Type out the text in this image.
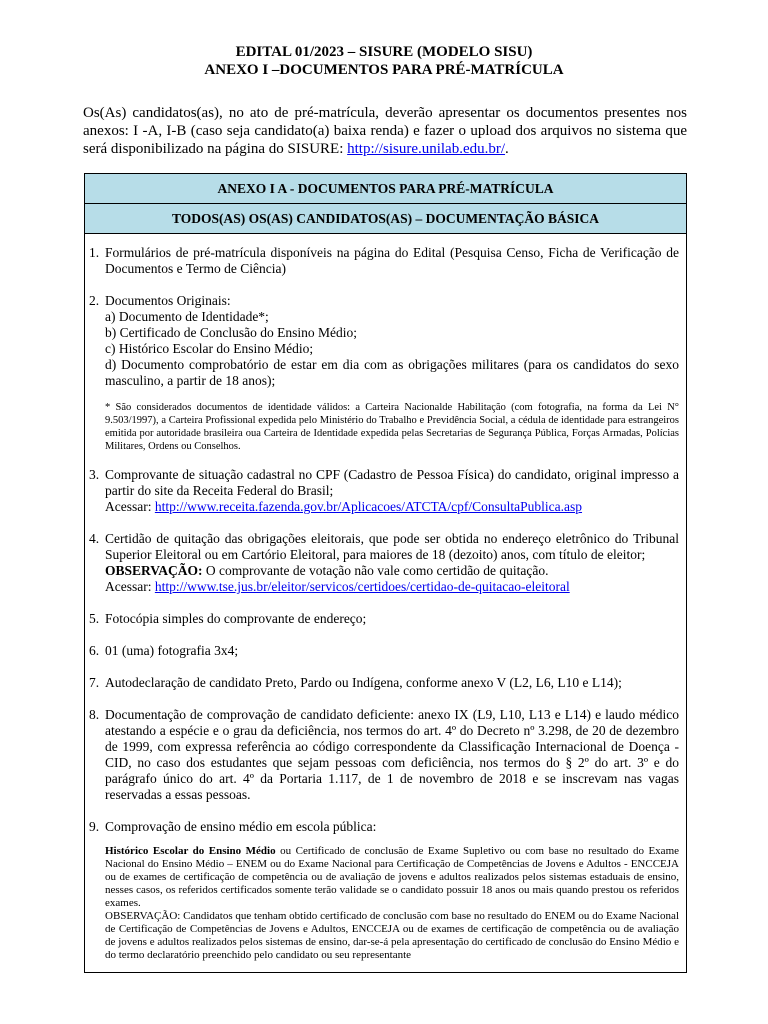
EDITAL 01/2023 – SISURE (MODELO SISU)
ANEXO I –DOCUMENTOS PARA PRÉ-MATRÍCULA
Os(As) candidatos(as), no ato de pré-matrícula, deverão apresentar os documentos presentes nos anexos: I -A, I-B (caso seja candidato(a) baixa renda) e fazer o upload dos arquivos no sistema que será disponibilizado na página do SISURE: http://sisure.unilab.edu.br/.
ANEXO I A - DOCUMENTOS PARA PRÉ-MATRÍCULA
TODOS(AS) OS(AS) CANDIDATOS(AS) – DOCUMENTAÇÃO BÁSICA
1. Formulários de pré-matrícula disponíveis na página do Edital (Pesquisa Censo, Ficha de Verificação de Documentos e Termo de Ciência)
2. Documentos Originais:
a) Documento de Identidade*;
b) Certificado de Conclusão do Ensino Médio;
c) Histórico Escolar do Ensino Médio;
d) Documento comprobatório de estar em dia com as obrigações militares (para os candidatos do sexo masculino, a partir de 18 anos);
* São considerados documentos de identidade válidos: a Carteira Nacionalde Habilitação (com fotografia, na forma da Lei N° 9.503/1997), a Carteira Profissional expedida pelo Ministério do Trabalho e Previdência Social, a cédula de identidade para estrangeiros emitida por autoridade brasileira oua Carteira de Identidade expedida pelas Secretarias de Segurança Pública, Forças Armadas, Polícias Militares, Ordens ou Conselhos.
3. Comprovante de situação cadastral no CPF (Cadastro de Pessoa Física) do candidato, original impresso a partir do site da Receita Federal do Brasil;
Acessar: http://www.receita.fazenda.gov.br/Aplicacoes/ATCTA/cpf/ConsultaPublica.asp
4. Certidão de quitação das obrigações eleitorais, que pode ser obtida no endereço eletrônico do Tribunal Superior Eleitoral ou em Cartório Eleitoral, para maiores de 18 (dezoito) anos, com título de eleitor;
OBSERVAÇÃO: O comprovante de votação não vale como certidão de quitação.
Acessar: http://www.tse.jus.br/eleitor/servicos/certidoes/certidao-de-quitacao-eleitoral
5. Fotocópia simples do comprovante de endereço;
6. 01 (uma) fotografia 3x4;
7. Autodeclaração de candidato Preto, Pardo ou Indígena, conforme anexo V (L2, L6, L10 e L14);
8. Documentação de comprovação de candidato deficiente: anexo IX (L9, L10, L13 e L14) e laudo médico atestando a espécie e o grau da deficiência, nos termos do art. 4º do Decreto nº 3.298, de 20 de dezembro de 1999, com expressa referência ao código correspondente da Classificação Internacional de Doença - CID, no caso dos estudantes que sejam pessoas com deficiência, nos termos do § 2º do art. 3º e do parágrafo único do art. 4º da Portaria 1.117, de 1 de novembro de 2018 e se inscrevam nas vagas reservadas a essas pessoas.
9. Comprovação de ensino médio em escola pública:
Histórico Escolar do Ensino Médio ou Certificado de conclusão de Exame Supletivo ou com base no resultado do Exame Nacional do Ensino Médio – ENEM ou do Exame Nacional para Certificação de Competências de Jovens e Adultos - ENCCEJA ou de exames de certificação de competência ou de avaliação de jovens e adultos realizados pelos sistemas estaduais de ensino, nesses casos, os referidos certificados somente terão validade se o candidato possuir 18 anos ou mais quando prestou os referidos exames.
OBSERVAÇÃO: Candidatos que tenham obtido certificado de conclusão com base no resultado do ENEM ou do Exame Nacional de Certificação de Competências de Jovens e Adultos, ENCCEJA ou de exames de certificação de competência ou de avaliação de jovens e adultos realizados pelos sistemas de ensino, dar-se-á pela apresentação do certificado de conclusão do Ensino Médio e do termo declaratório preenchido pelo candidato ou seu representante
